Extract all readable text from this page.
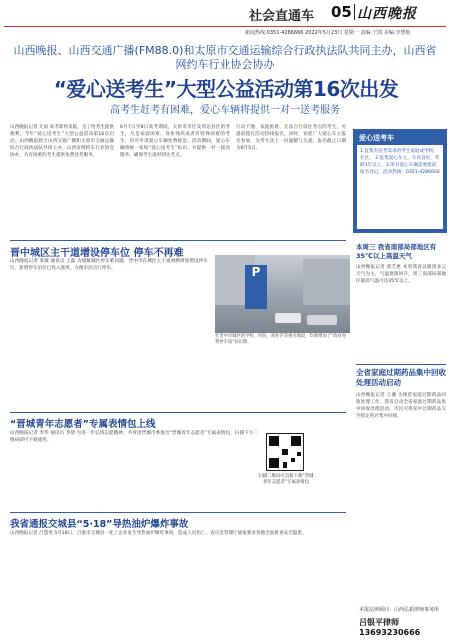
社会直通车 05 山西晚报
新闻热线:0351-4286666 2022年5月23日 星期一 责编:王凯 美编:李慧航
山西晚报、山西交通广播(FM88.0)和太原市交通运输综合行政执法队共同主办，山西省网约车行业协会协办
“爱心送考生”大型公益活动第16次出发
高考生赶考有困难，爱心车辆将提供一对一送考服务
山西晚报记者 尤雨 高考即将来临，为了给考生提供便利，今年“爱心送考生”大型公益活动第16次启动。山西晚报联合山西交通广播和太原市交通运输综合行政执法队共同主办，山西省网约车行业协会协办，为有困难的考生提供免费送考服务。
6月7日至8日高考期间，太原市市区及周边县区的考生，凡是家庭困难、身体残疾或者有特殊困难的考生，均可申请爱心车辆免费接送。活动期间，爱心车辆将统一张贴“爱心送考生”标识，并提供一对一接送服务，确保考生准时到达考点。
行动不便、家庭困难、无法自行前往考点的考生，可提前拨打活动热线报名。同时，欢迎广大爱心车主报名参加，为考生送上一份温暖与关爱。报名截止日期为6月5日。
爱心送考车
1.征集有送考需求的考生家庭或学校、社区。 2.征集爱心车主，车况良好，驾龄3年以上。3.所有爱心车辆需要提前报名登记。活动热线：0351-4286666
晋中城区主干道增设停车位 停车不再难
山西晚报记者 张敏 通讯员 王磊 为缓解城区停车难问题，晋中市在城区主干道两侧规划增设停车位，新增停车泊位已投入使用，方便市民出行停车。	P
在晋中市城区的学校、医院、商业区等重点地段，均新增加了“政府免费停车场”标识牌。
本周三 我省南部局部地区有35℃以上高温天气
山西晚报记者 郭芝惠 本周我省以晴到多云天气为主，气温逐渐回升，周三南部局部地区最高气温可达35℃以上。
“晋城青年志愿者”专属表情包上线
山西晚报记者 李华 通讯员 李倩 为进一步弘扬志愿精神，共青团晋城市委推出“晋城青年志愿者”专属表情包，扫描下方二维码即可下载使用。
扫描二维码可直接下载“晋城青年志愿者”专属表情包
我省通报交城县“5·18”导热油炉爆炸事故
山西晚报记者 吕慧英 5月18日，吕梁市交城县一化工企业发生导热油炉爆炸事故，造成人员伤亡。省应急管理厅通报要求各地全面排查安全隐患。
全省家庭过期药品集中回收处理活动启动
山西晚报记者 王湘 为规范家庭过期药品回收处理工作，我省启动全省家庭过期药品集中回收处理活动，市民可将家中过期药品交至指定药店集中回收。
本报法律顾问：山西弘韬律师事务所
吕银平律师 13693230666
